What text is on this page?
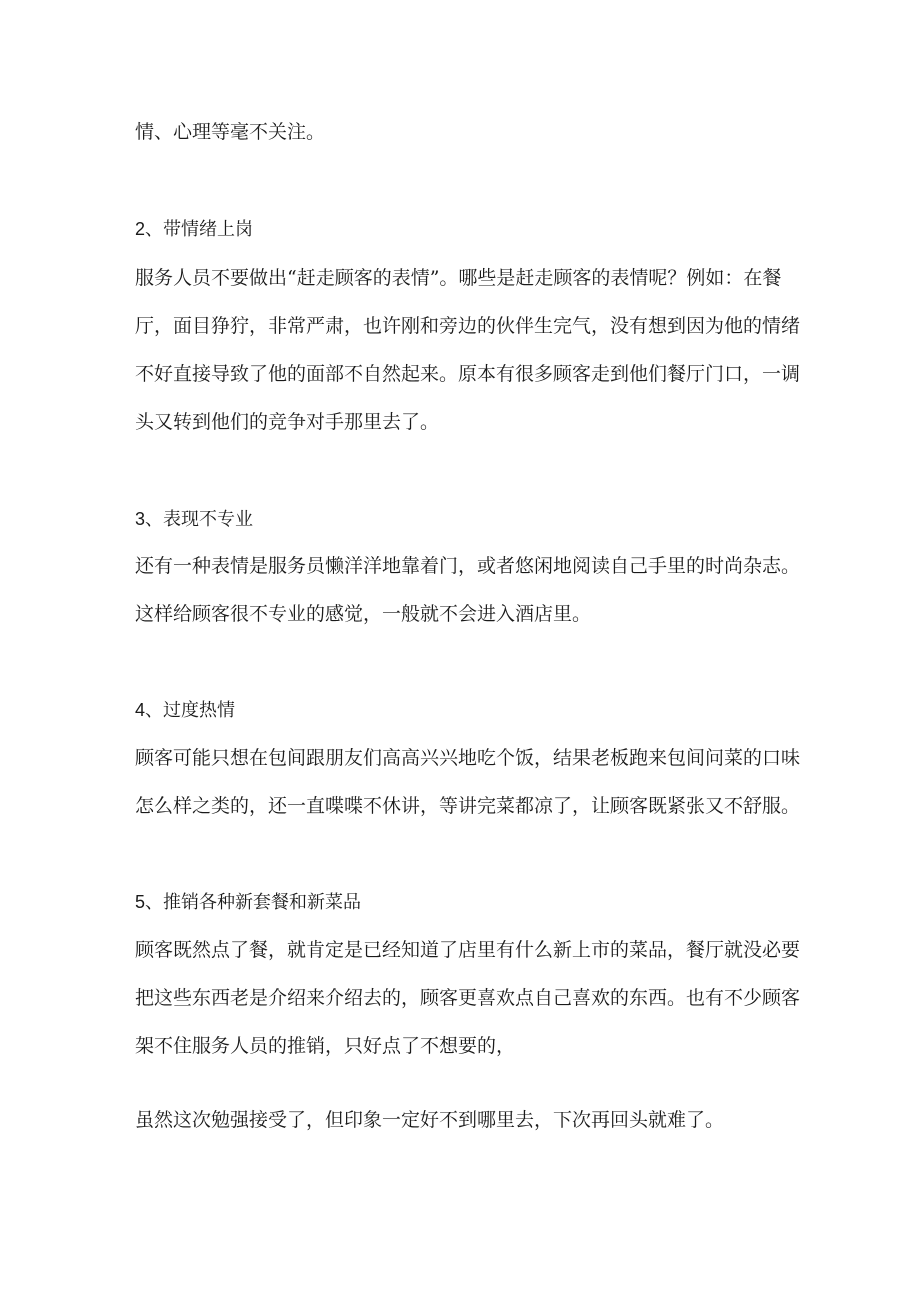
情、心理等毫不关注。
2、带情绪上岗
服务人员不要做出“赶走顾客的表情”。哪些是赶走顾客的表情呢？例如：在餐
厅，面目狰狞，非常严肃，也许刚和旁边的伙伴生完气，没有想到因为他的情绪
不好直接导致了他的面部不自然起来。原本有很多顾客走到他们餐厅门口，一调
头又转到他们的竞争对手那里去了。
3、表现不专业
还有一种表情是服务员懒洋洋地靠着门，或者悠闲地阅读自己手里的时尚杂志。
这样给顾客很不专业的感觉，一般就不会进入酒店里。
4、过度热情
顾客可能只想在包间跟朋友们高高兴兴地吃个饭，结果老板跑来包间问菜的口味
怎么样之类的，还一直喋喋不休讲，等讲完菜都凉了，让顾客既紧张又不舒服。
5、推销各种新套餐和新菜品
顾客既然点了餐，就肯定是已经知道了店里有什么新上市的菜品，餐厅就没必要
把这些东西老是介绍来介绍去的，顾客更喜欢点自己喜欢的东西。也有不少顾客
架不住服务人员的推销，只好点了不想要的，
虽然这次勉强接受了，但印象一定好不到哪里去，下次再回头就难了。
